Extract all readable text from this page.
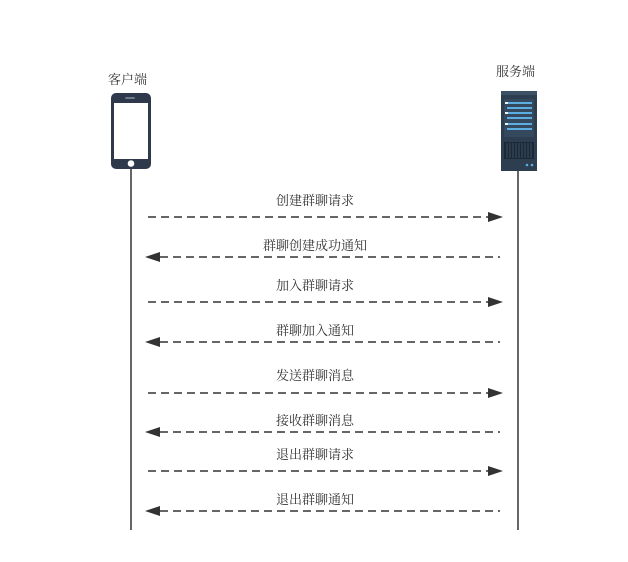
客户端
服务端
创建群聊请求
群聊创建成功通知
加入群聊请求
群聊加入通知
发送群聊消息
接收群聊消息
退出群聊请求
退出群聊通知
